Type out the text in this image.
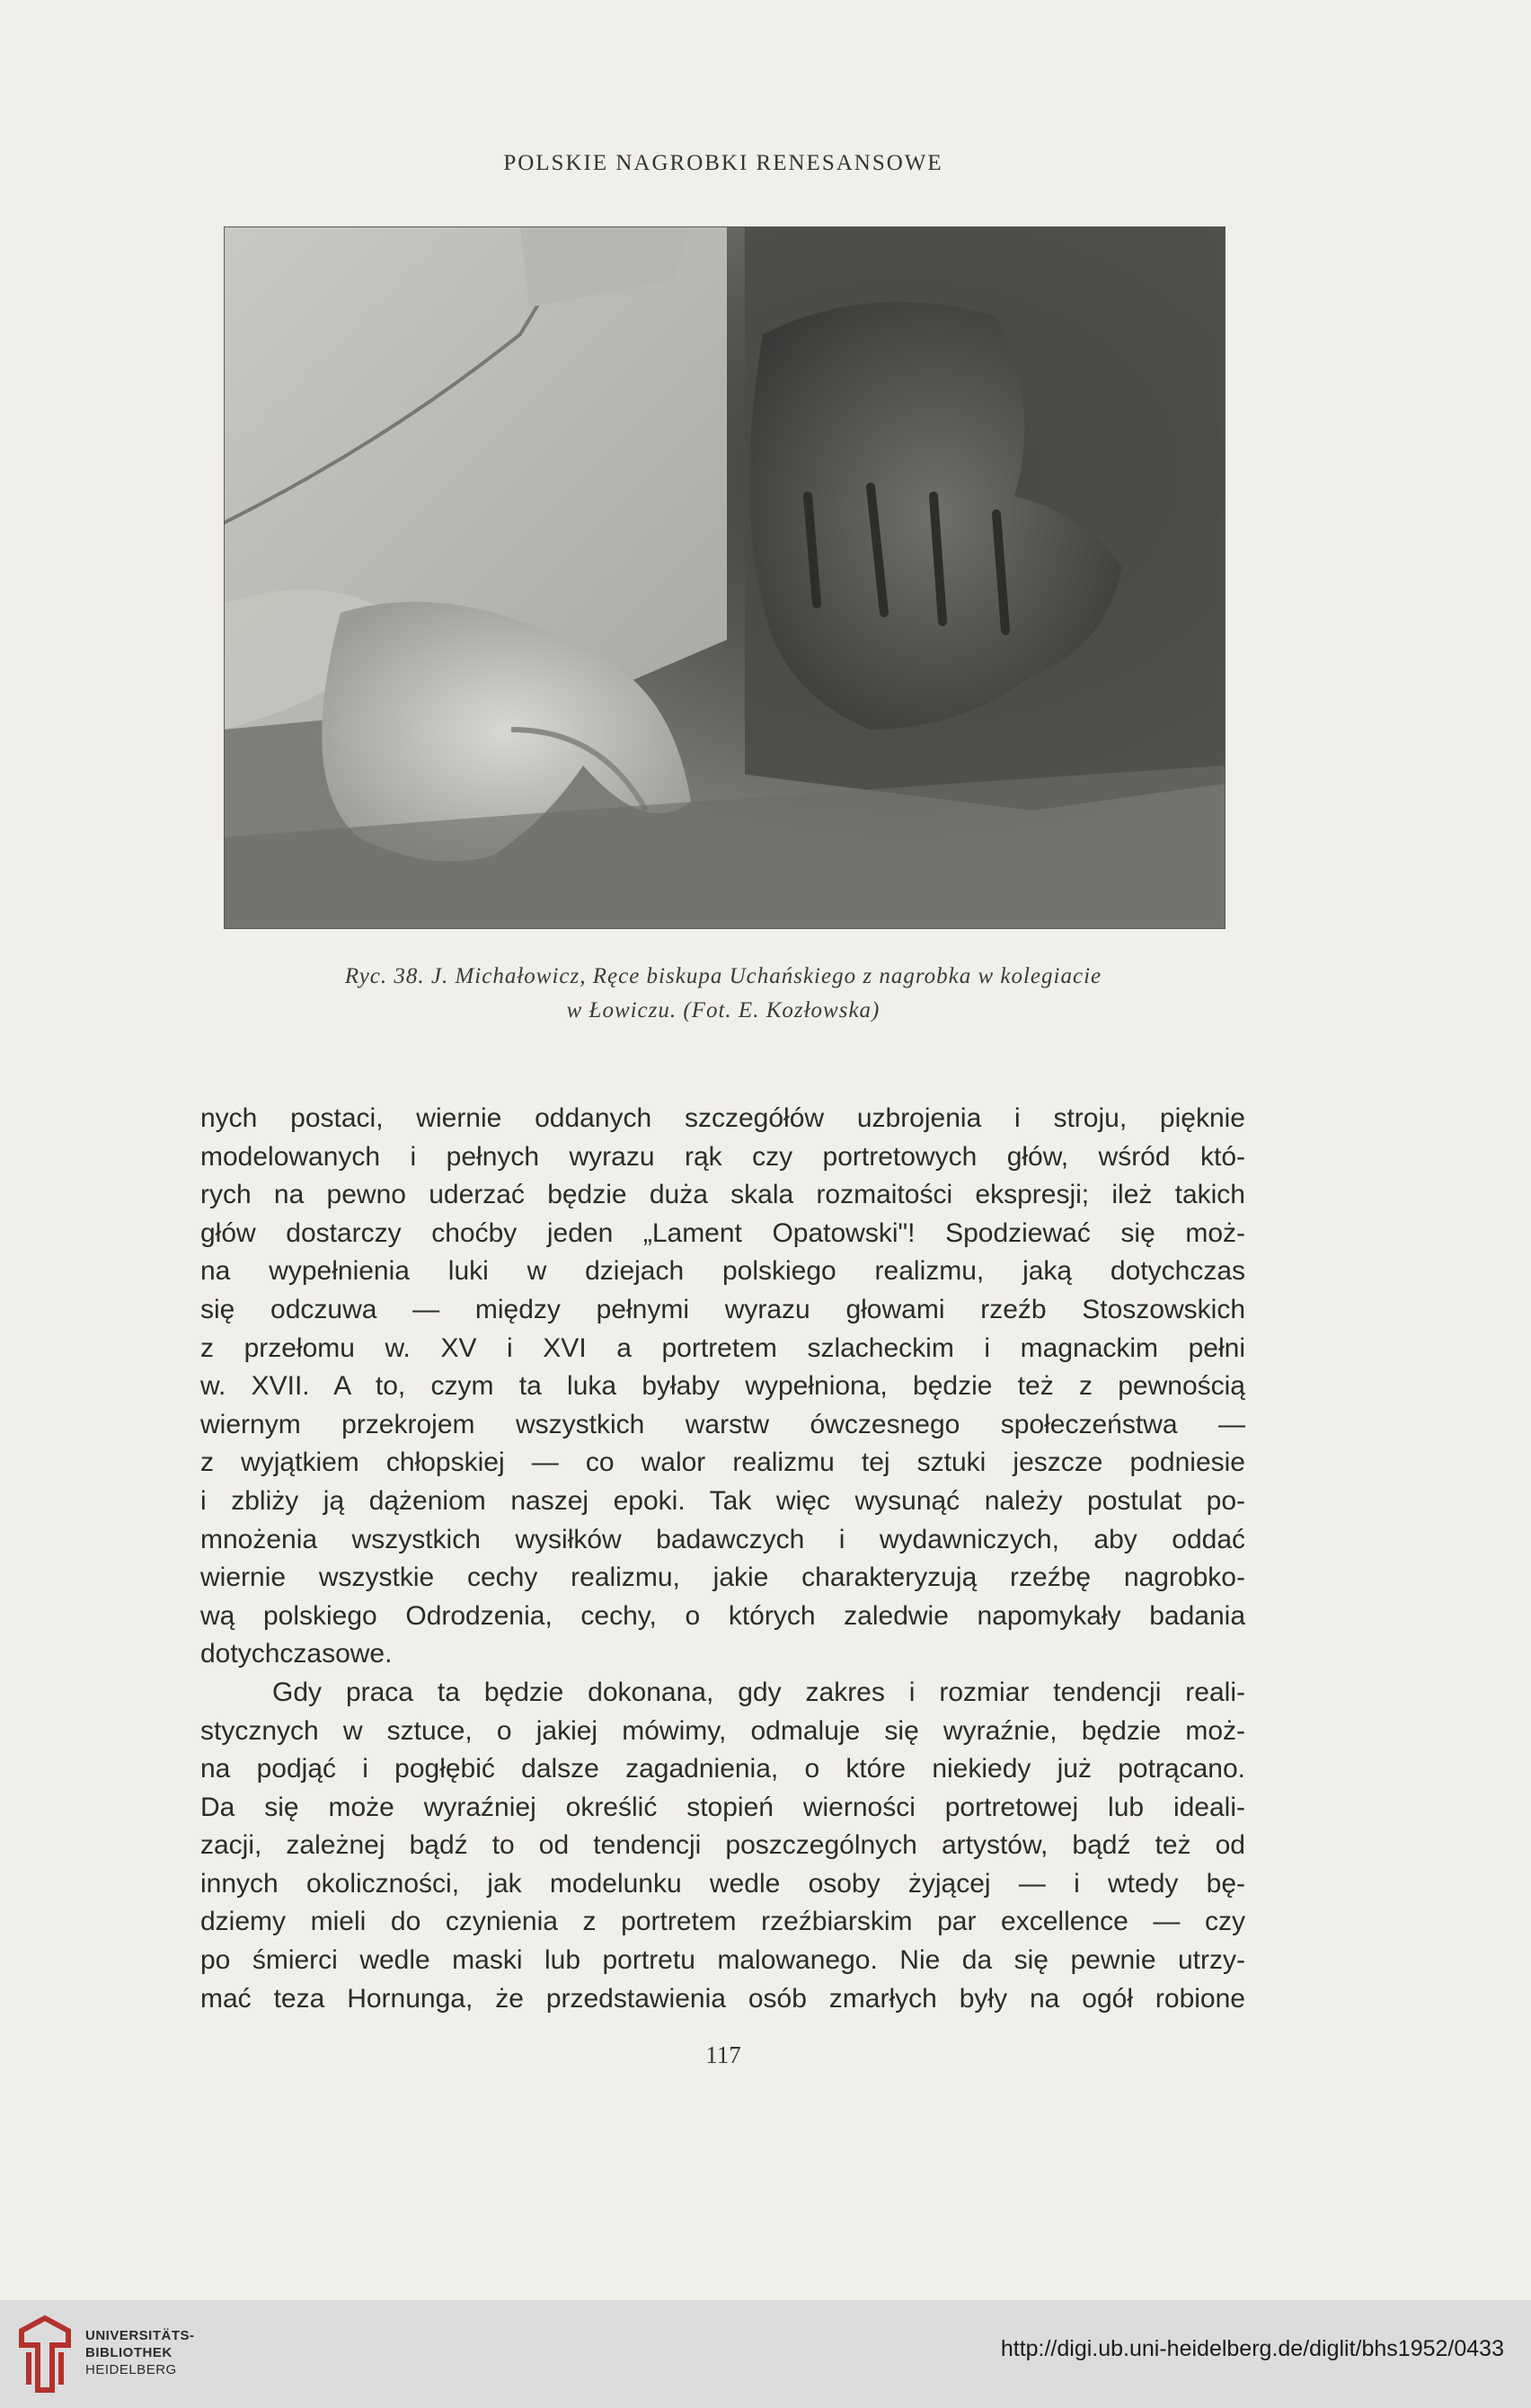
POLSKIE NAGROBKI RENESANSOWE
Ryc. 38. J. Michałowicz, Ręce biskupa Uchańskiego z nagrobka w kolegiacie
w Łowiczu. (Fot. E. Kozłowska)
nych postaci, wiernie oddanych szczegółów uzbrojenia i stroju, pięknie
modelowanych i pełnych wyrazu rąk czy portretowych głów, wśród któ-
rych na pewno uderzać będzie duża skala rozmaitości ekspresji; ileż takich
głów dostarczy choćby jeden „Lament Opatowski"! Spodziewać się moż-
na wypełnienia luki w dziejach polskiego realizmu, jaką dotychczas
się odczuwa — między pełnymi wyrazu głowami rzeźb Stoszowskich
z przełomu w. XV i XVI a portretem szlacheckim i magnackim pełni
w. XVII. A to, czym ta luka byłaby wypełniona, będzie też z pewnością
wiernym przekrojem wszystkich warstw ówczesnego społeczeństwa —
z wyjątkiem chłopskiej — co walor realizmu tej sztuki jeszcze podniesie
i zbliży ją dążeniom naszej epoki. Tak więc wysunąć należy postulat po-
mnożenia wszystkich wysiłków badawczych i wydawniczych, aby oddać
wiernie wszystkie cechy realizmu, jakie charakteryzują rzeźbę nagrobko-
wą polskiego Odrodzenia, cechy, o których zaledwie napomykały badania
dotychczasowe.
Gdy praca ta będzie dokonana, gdy zakres i rozmiar tendencji reali-
stycznych w sztuce, o jakiej mówimy, odmaluje się wyraźnie, będzie moż-
na podjąć i pogłębić dalsze zagadnienia, o które niekiedy już potrącano.
Da się może wyraźniej określić stopień wierności portretowej lub ideali-
zacji, zależnej bądź to od tendencji poszczególnych artystów, bądź też od
innych okoliczności, jak modelunku wedle osoby żyjącej — i wtedy bę-
dziemy mieli do czynienia z portretem rzeźbiarskim par excellence — czy
po śmierci wedle maski lub portretu malowanego. Nie da się pewnie utrzy-
mać teza Hornunga, że przedstawienia osób zmarłych były na ogół robione
117
UNIVERSITÄTS-
BIBLIOTHEK
HEIDELBERG
http://digi.ub.uni-heidelberg.de/diglit/bhs1952/0433
